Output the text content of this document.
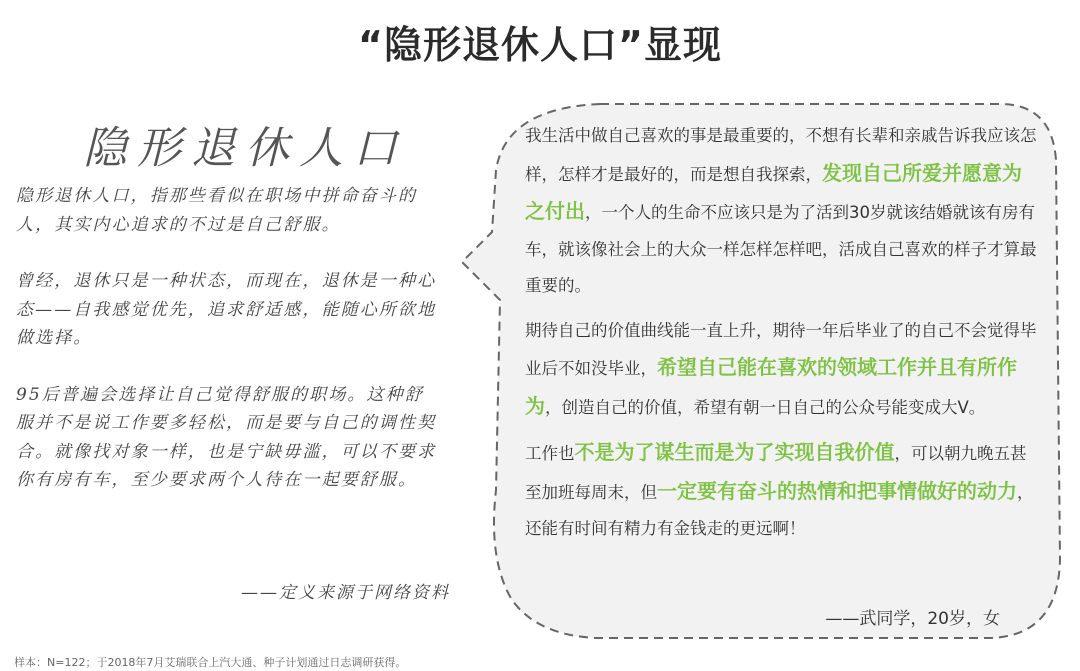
“隐形退休人口”显现
隐形退休人口

隐形退休人口，指那些看似在职场中拼命奋斗的人，其实内心追求的不过是自己舒服。

曾经，退休只是一种状态，而现在，退休是一种心态——自我感觉优先，追求舒适感，能随心所欲地做选择。

95后普遍会选择让自己觉得舒服的职场。这种舒服并不是说工作要多轻松，而是要与自己的调性契合。就像找对象一样，也是宁缺毋滥，可以不要求你有房有车，至少要求两个人待在一起要舒服。

——定义来源于网络资料

我生活中做自己喜欢的事是最重要的，不想有长辈和亲戚告诉我应该怎样，怎样才是最好的，而是想自我探索，发现自己所爱并愿意为之付出，一个人的生命不应该只是为了活到30岁就该结婚就该有房有车，就该像社会上的大众一样怎样怎样吧，活成自己喜欢的样子才算最重要的。

期待自己的价值曲线能一直上升，期待一年后毕业了的自己不会觉得毕业后不如没毕业，希望自己能在喜欢的领域工作并且有所作为，创造自己的价值，希望有朝一日自己的公众号能变成大V。

工作也不是为了谋生而是为了实现自我价值，可以朝九晚五甚至加班每周末，但一定要有奋斗的热情和把事情做好的动力，还能有时间有精力有金钱走的更远啊！

——武同学，20岁，女
样本：N=122；于2018年7月艾瑞联合上汽大通、种子计划通过日志调研获得。
